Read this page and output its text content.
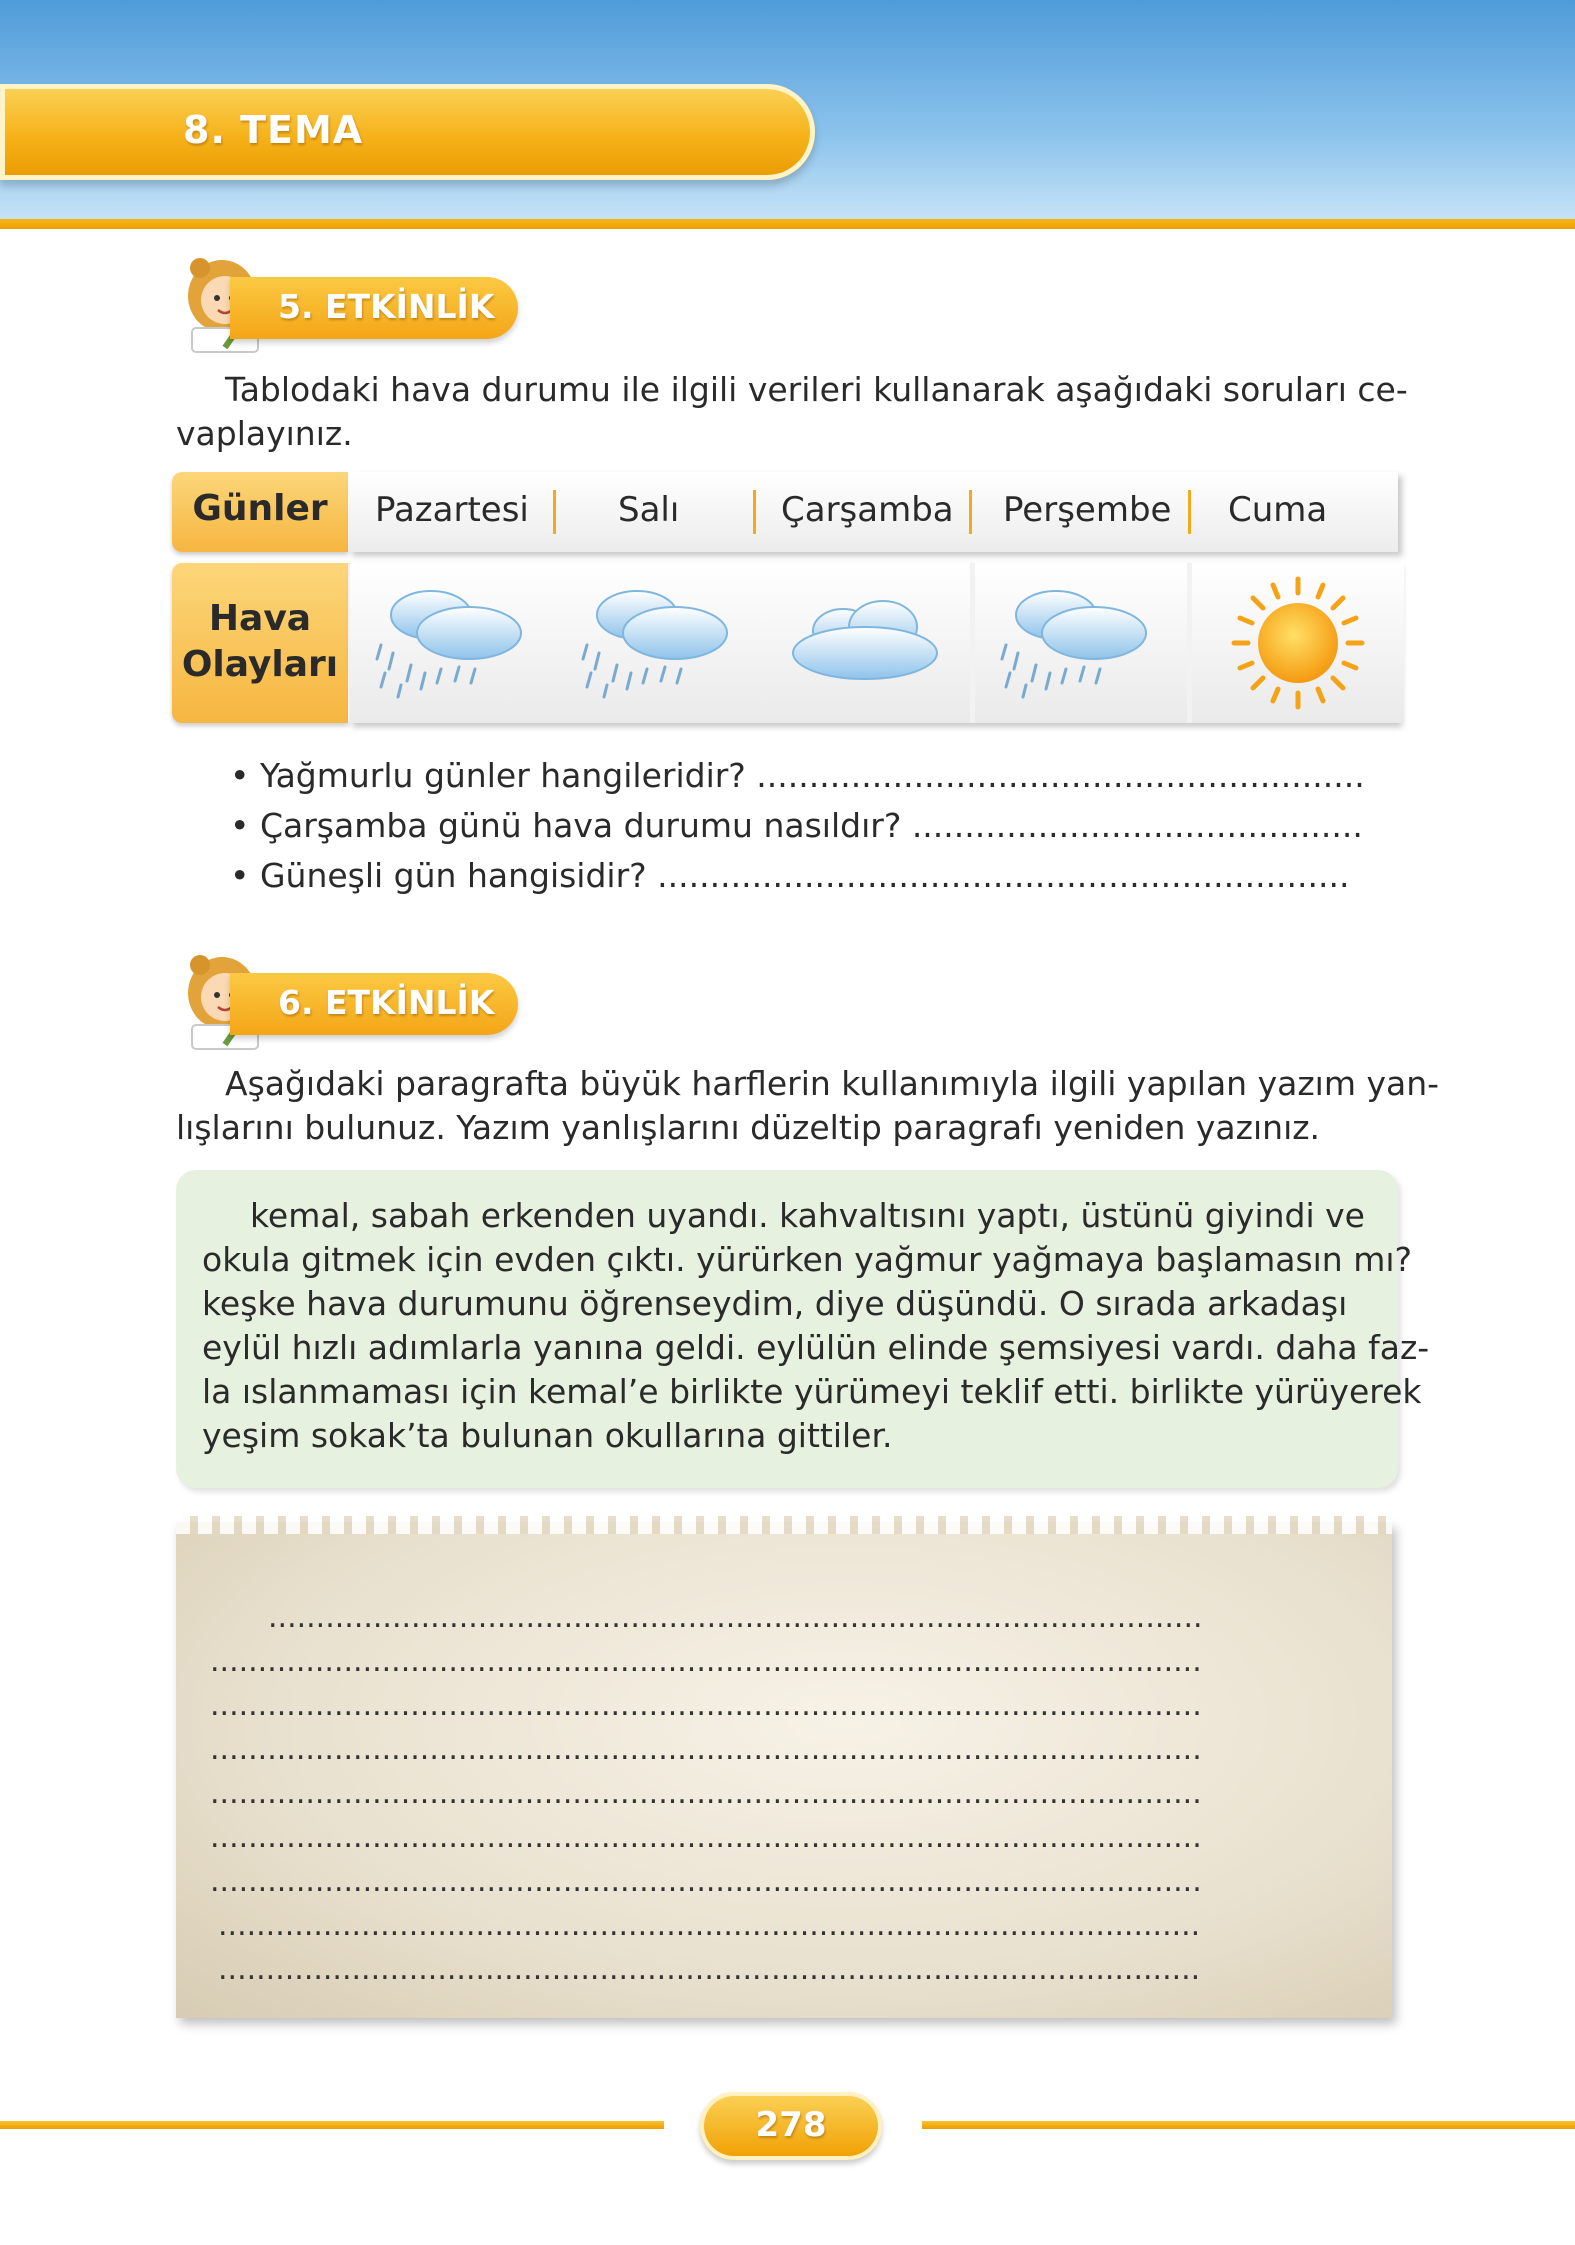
8. TEMA
5. ETKİNLİK
Tablodaki hava durumu ile ilgili verileri kullanarak aşağıdaki soruları ce-
vaplayınız.
Günler
Hava
Olayları
Pazartesi	Salı	Çarşamba Perşembe Cuma
• Yağmurlu günler hangileridir? ..........................................................
• Çarşamba günü hava durumu nasıldır? ...........................................
• Güneşli gün hangisidir? ..................................................................
6. ETKİNLİK
Aşağıdaki paragrafta büyük harflerin kullanımıyla ilgili yapılan yazım yan-
lışlarını bulunuz. Yazım yanlışlarını düzeltip paragrafı yeniden yazınız.
kemal, sabah erkenden uyandı. kahvaltısını yaptı, üstünü giyindi ve
okula gitmek için evden çıktı. yürürken yağmur yağmaya başlamasın mı?
keşke hava durumunu öğrenseydim, diye düşündü. O sırada arkadaşı
eylül hızlı adımlarla yanına geldi. eylülün elinde şemsiyesi vardı. daha faz-
la ıslanmaması için kemal’e birlikte yürümeyi teklif etti. birlikte yürüyerek
yeşim sokak’ta bulunan okullarına gittiler.
..................................................................................................
........................................................................................................
........................................................................................................
........................................................................................................
........................................................................................................
........................................................................................................
........................................................................................................
.......................................................................................................
.......................................................................................................
278
